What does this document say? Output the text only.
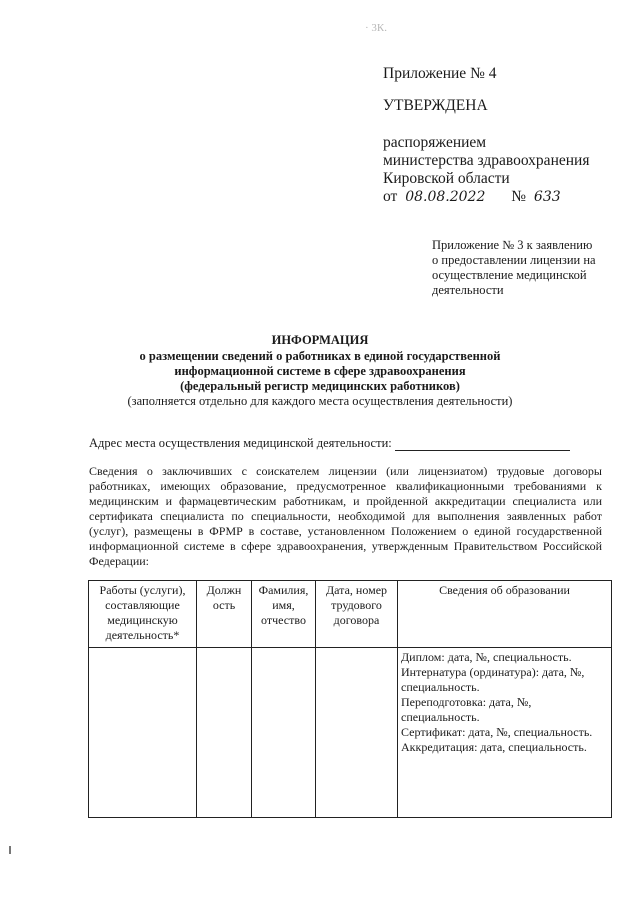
· 3К.
Приложение № 4
УТВЕРЖДЕНА
распоряжением
министерства здравоохранения
Кировской области
от 08.08.2022 № 633
Приложение № 3 к заявлению
о предоставлении лицензии на
осуществление медицинской
деятельности
ИНФОРМАЦИЯ
о размещении сведений о работниках в единой государственной
информационной системе в сфере здравоохранения
(федеральный регистр медицинских работников)
(заполняется отдельно для каждого места осуществления деятельности)
Адрес места осуществления медицинской деятельности:
Сведения о заключивших с соискателем лицензии (или лицензиатом) трудовые договоры работниках, имеющих образование, предусмотренное квалификационными требованиями к медицинским и фармацевтическим работникам, и пройденной аккредитации специалиста или сертификата специалиста по специальности, необходимой для выполнения заявленных работ (услуг), размещены в ФРМР в составе, установленном Положением о единой государственной информационной системе в сфере здравоохранения, утвержденным Правительством Российской Федерации:
Работы (услуги), составляющие медицинскую деятельность*	Должн ость	Фамилия, имя, отчество	Дата, номер трудового договора	Сведения об образовании

				Диплом: дата, №, специальность.
Интернатура (ординатура): дата, №, специальность.
Переподготовка: дата, №, специальность.
Сертификат: дата, №, специальность.
Аккредитация: дата, специальность.
